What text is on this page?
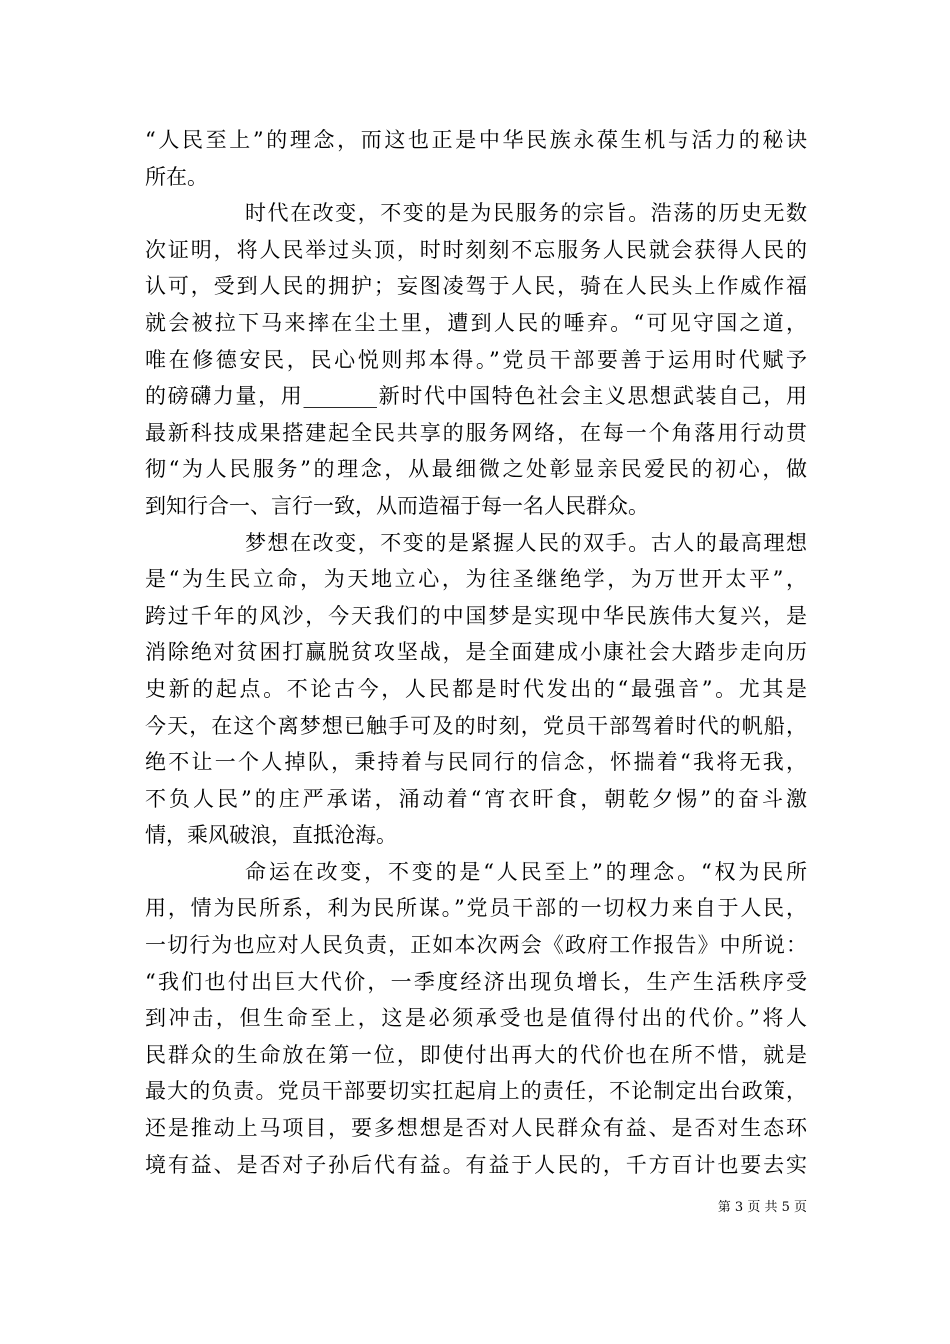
“人民至上”的理念，而这也正是中华民族永葆生机与活力的秘诀
所在。
时代在改变，不变的是为民服务的宗旨。浩荡的历史无数
次证明，将人民举过头顶，时时刻刻不忘服务人民就会获得人民的
认可，受到人民的拥护；妄图凌驾于人民，骑在人民头上作威作福
就会被拉下马来摔在尘土里，遭到人民的唾弃。“可见守国之道，
唯在修德安民，民心悦则邦本得。”党员干部要善于运用时代赋予
的磅礴力量，用_______新时代中国特色社会主义思想武装自己，用
最新科技成果搭建起全民共享的服务网络，在每一个角落用行动贯
彻“为人民服务”的理念，从最细微之处彰显亲民爱民的初心，做
到知行合一、言行一致，从而造福于每一名人民群众。
梦想在改变，不变的是紧握人民的双手。古人的最高理想
是“为生民立命，为天地立心，为往圣继绝学，为万世开太平”，
跨过千年的风沙，今天我们的中国梦是实现中华民族伟大复兴，是
消除绝对贫困打赢脱贫攻坚战，是全面建成小康社会大踏步走向历
史新的起点。不论古今，人民都是时代发出的“最强音”。尤其是
今天，在这个离梦想已触手可及的时刻，党员干部驾着时代的帆船，
绝不让一个人掉队，秉持着与民同行的信念，怀揣着“我将无我，
不负人民”的庄严承诺，涌动着“宵衣旰食，朝乾夕惕”的奋斗激
情，乘风破浪，直抵沧海。
命运在改变，不变的是“人民至上”的理念。“权为民所
用，情为民所系，利为民所谋。”党员干部的一切权力来自于人民，
一切行为也应对人民负责，正如本次两会《政府工作报告》中所说：
“我们也付出巨大代价，一季度经济出现负增长，生产生活秩序受
到冲击，但生命至上，这是必须承受也是值得付出的代价。”将人
民群众的生命放在第一位，即使付出再大的代价也在所不惜，就是
最大的负责。党员干部要切实扛起肩上的责任，不论制定出台政策，
还是推动上马项目，要多想想是否对人民群众有益、是否对生态环
境有益、是否对子孙后代有益。有益于人民的，千方百计也要去实
第 3 页 共 5 页
